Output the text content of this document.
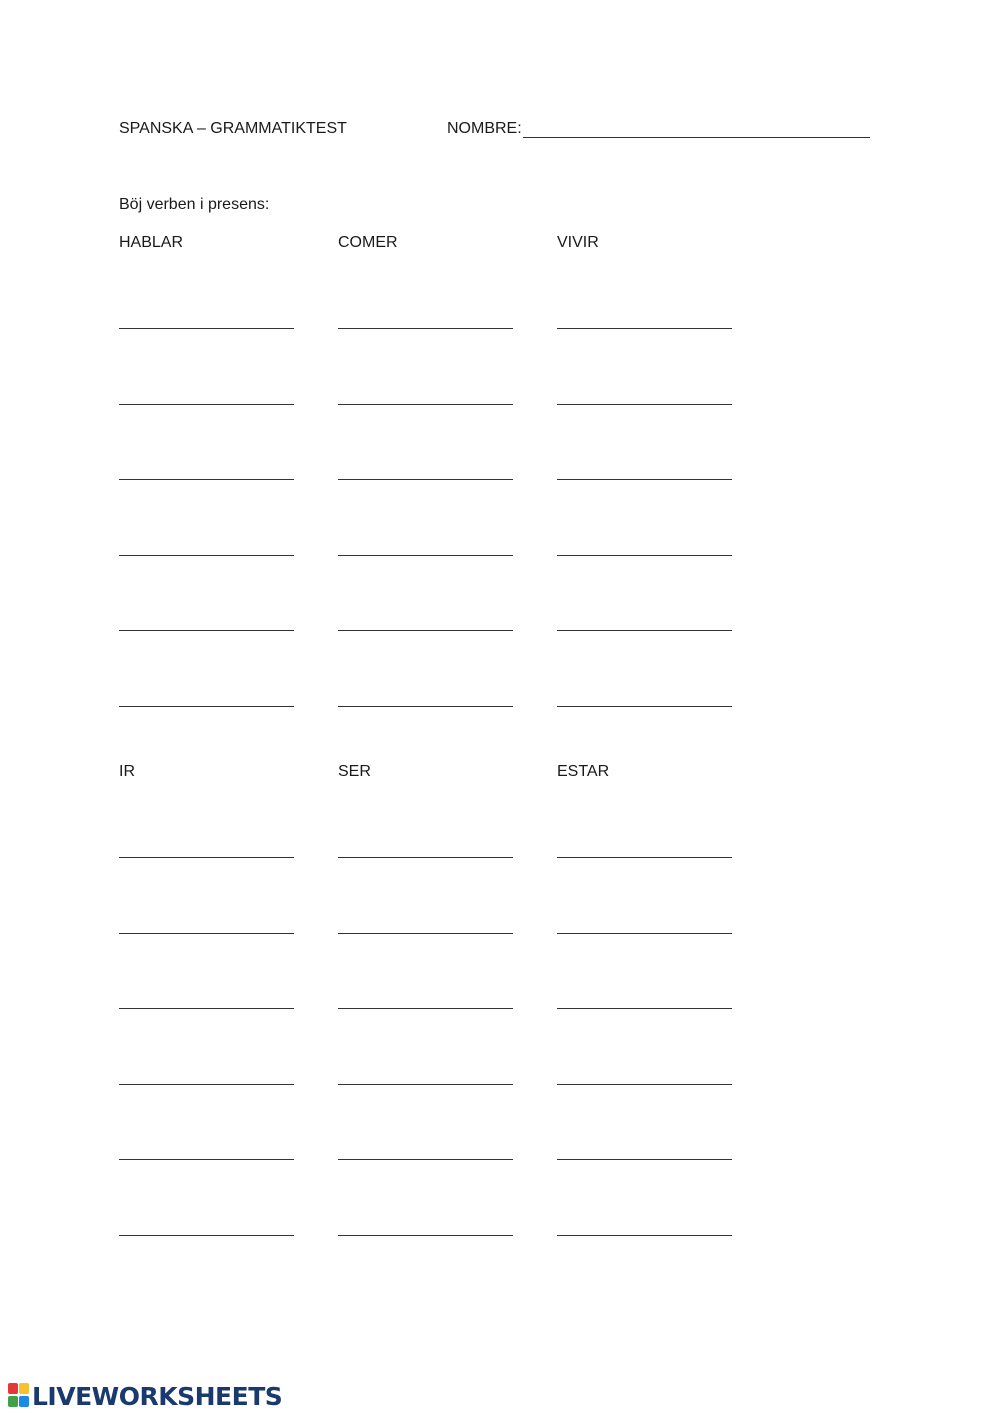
SPANSKA – GRAMMATIKTEST	NOMBRE:
Böj verben i presens:
HABLAR	COMER	VIVIR
IR	SER	ESTAR
LIVEWORKSHEETS
